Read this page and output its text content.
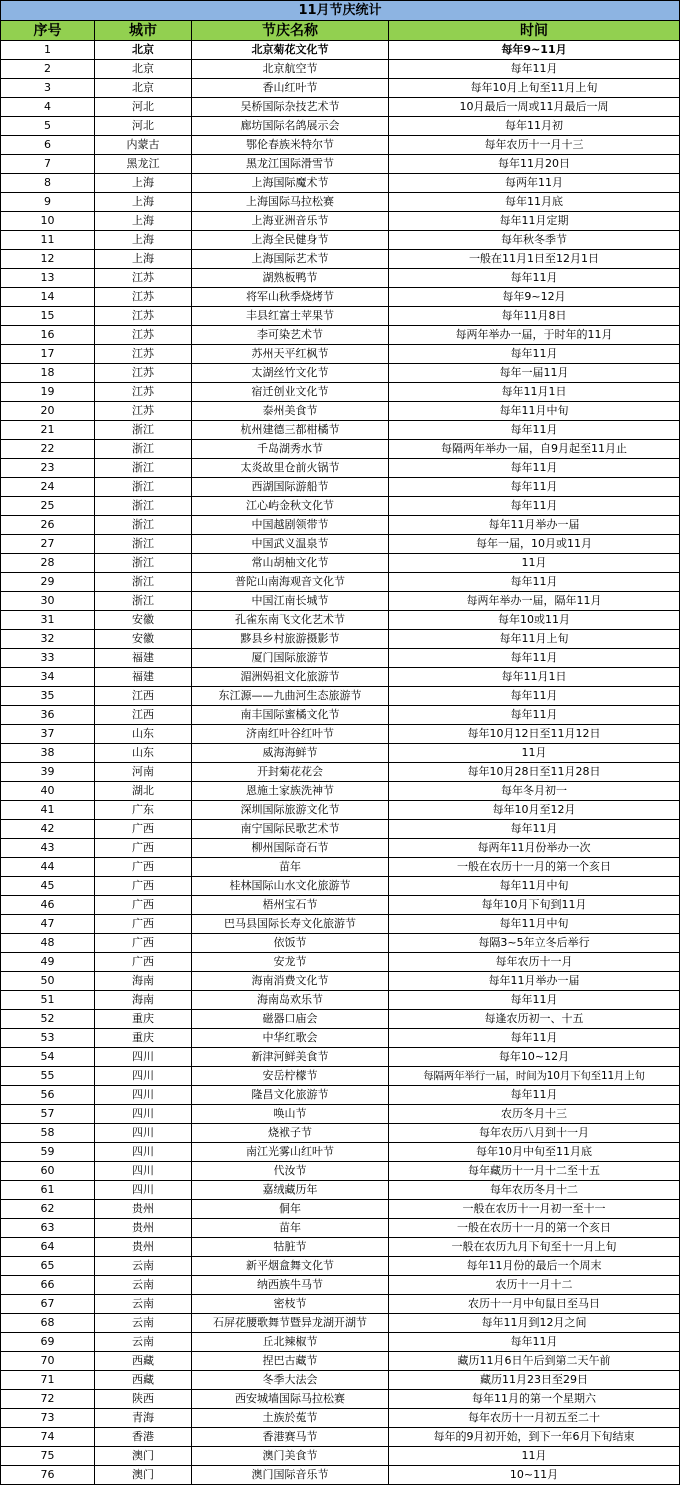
11月节庆统计			
序号	城市	节庆名称	时间
1	北京	北京菊花文化节	每年9~11月
2	北京	北京航空节	每年11月
3	北京	香山红叶节	每年10月上旬至11月上旬
4	河北	吴桥国际杂技艺术节	10月最后一周或11月最后一周
5	河北	廊坊国际名鸽展示会	每年11月初
6	内蒙古	鄂伦春族米特尔节	每年农历十一月十三
7	黑龙江	黑龙江国际滑雪节	每年11月20日
8	上海	上海国际魔术节	每两年11月
9	上海	上海国际马拉松赛	每年11月底
10	上海	上海亚洲音乐节	每年11月定期
11	上海	上海全民健身节	每年秋冬季节
12	上海	上海国际艺术节	一般在11月1日至12月1日
13	江苏	湖熟板鸭节	每年11月
14	江苏	将军山秋季烧烤节	每年9~12月
15	江苏	丰县红富士苹果节	每年11月8日
16	江苏	李可染艺术节	每两年举办一届，于时年的11月
17	江苏	苏州天平红枫节	每年11月
18	江苏	太湖丝竹文化节	每年一届11月
19	江苏	宿迁创业文化节	每年11月1日
20	江苏	泰州美食节	每年11月中旬
21	浙江	杭州建德三都柑橘节	每年11月
22	浙江	千岛湖秀水节	每隔两年举办一届，自9月起至11月止
23	浙江	太炎故里仓前火锅节	每年11月
24	浙江	西湖国际游船节	每年11月
25	浙江	江心屿金秋文化节	每年11月
26	浙江	中国越剧领带节	每年11月举办一届
27	浙江	中国武义温泉节	每年一届，10月或11月
28	浙江	常山胡柚文化节	11月
29	浙江	普陀山南海观音文化节	每年11月
30	浙江	中国江南长城节	每两年举办一届，隔年11月
31	安徽	孔雀东南飞文化艺术节	每年10或11月
32	安徽	黟县乡村旅游摄影节	每年11月上旬
33	福建	厦门国际旅游节	每年11月
34	福建	湄洲妈祖文化旅游节	每年11月1日
35	江西	东江源——九曲河生态旅游节	每年11月
36	江西	南丰国际蜜橘文化节	每年11月
37	山东	济南红叶谷红叶节	每年10月12日至11月12日
38	山东	威海海鲜节	11月
39	河南	开封菊花花会	每年10月28日至11月28日
40	湖北	恩施土家族洗神节	每年冬月初一
41	广东	深圳国际旅游文化节	每年10月至12月
42	广西	南宁国际民歌艺术节	每年11月
43	广西	柳州国际奇石节	每两年11月份举办一次
44	广西	苗年	一般在农历十一月的第一个亥日
45	广西	桂林国际山水文化旅游节	每年11月中旬
46	广西	梧州宝石节	每年10月下旬到11月
47	广西	巴马县国际长寿文化旅游节	每年11月中旬
48	广西	依饭节	每隔3~5年立冬后举行
49	广西	安龙节	每年农历十一月
50	海南	海南消费文化节	每年11月举办一届
51	海南	海南岛欢乐节	每年11月
52	重庆	磁器口庙会	每逢农历初一、十五
53	重庆	中华红歌会	每年11月
54	四川	新津河鲜美食节	每年10~12月
55	四川	安岳柠檬节	每隔两年举行一届，时间为10月下旬至11月上旬
56	四川	隆昌文化旅游节	每年11月
57	四川	唤山节	农历冬月十三
58	四川	烧袱子节	每年农历八月到十一月
59	四川	南江光雾山红叶节	每年10月中旬至11月底
60	四川	代汝节	每年藏历十一月十二至十五
61	四川	嘉绒藏历年	每年农历冬月十二
62	贵州	侗年	一般在农历十一月初一至十一
63	贵州	苗年	一般在农历十一月的第一个亥日
64	贵州	牯脏节	一般在农历九月下旬至十一月上旬
65	云南	新平烟盒舞文化节	每年11月份的最后一个周末
66	云南	纳西族牛马节	农历十一月十二
67	云南	密枝节	农历十一月中旬鼠日至马日
68	云南	石屏花腰歌舞节暨异龙湖开湖节	每年11月到12月之间
69	云南	丘北辣椒节	每年11月
70	西藏	捏巴古藏节	藏历11月6日午后到第二天午前
71	西藏	冬季大法会	藏历11月23日至29日
72	陕西	西安城墙国际马拉松赛	每年11月的第一个星期六
73	青海	土族於菟节	每年农历十一月初五至二十
74	香港	香港赛马节	每年的9月初开始，到下一年6月下旬结束
75	澳门	澳门美食节	11月
76	澳门	澳门国际音乐节	10~11月
